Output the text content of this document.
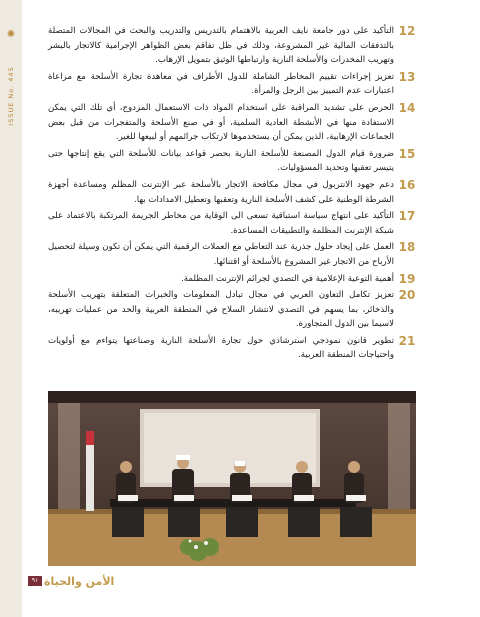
✺
ISSUE No. 445
12
التأكيد على دور جامعة نايف العربية بالاهتمام بالتدريس والتدريب والبحث في المجالات المتصلة بالتدفقات المالية غير المشروعة، وذلك في ظل تفاقم بعض الظواهر الإجرامية كالاتجار بالبشر وتهريب المخدرات والأسلحة النارية وارتباطها الوثيق بتمويل الإرهاب.
13
تعزيز إجراءات تقييم المخاطر الشاملة للدول الأطراف في معاهدة تجارة الأسلحة مع مراعاة اعتبارات عدم التمييز بين الرجل والمرأة.
14
الحرص على تشديد المراقبة على استخدام المواد ذات الاستعمال المزدوج، أي تلك التي يمكن الاستفادة منها في الأنشطة العادية السلمية، أو في صنع الأسلحة والمتفجرات من قبل بعض الجماعات الإرهابية، الذين يمكن أن يستخدموها لارتكاب جرائمهم أو لبيعها للغير.
15
ضرورة قيام الدول المصنعة للأسلحة النارية بحصر قواعد بيانات للأسلحة التي يقع إنتاجها حتى يتيسر تعقبها وتحديد المسؤوليات.
16
دعم جهود الانتربول في مجال مكافحة الاتجار بالأسلحة عبر الإنترنت المظلم ومساعدة أجهزة الشرطة الوطنية على كشف الأسلحة النارية وتعقبها وتعطيل الامدادات بها.
17
التأكيد على انتهاج سياسة استباقية تسعى الى الوقاية من مخاطر الجريمة المرتكبة بالاعتماد على شبكة الإنترنت المظلمة والتطبيقات المساعدة.
18
العمل على إيجاد حلول جذرية عند التعاطي مع العملات الرقمية التي يمكن أن تكون وسيلة لتحصيل الأرباح من الاتجار غير المشروع بالأسلحة أو اقتنائها.
19
أهمية التوعية الإعلامية في التصدي لجرائم الإنترنت المظلمة.
20
تعزيز تكامل التعاون العربي في مجال تبادل المعلومات والخبرات المتعلقة بتهريب الأسلحة والذخائر، بما يسهم في التصدي لانتشار السلاح في المنطقة العربية والحد من عمليات تهريبه، لاسيما بين الدول المتجاورة.
21
تطوير قانون نموذجي استرشادي حول تجارة الأسلحة النارية وصناعتها يتواءم مع أولويات واحتياجات المنطقة العربية.
٩١ الأمن والحياة
